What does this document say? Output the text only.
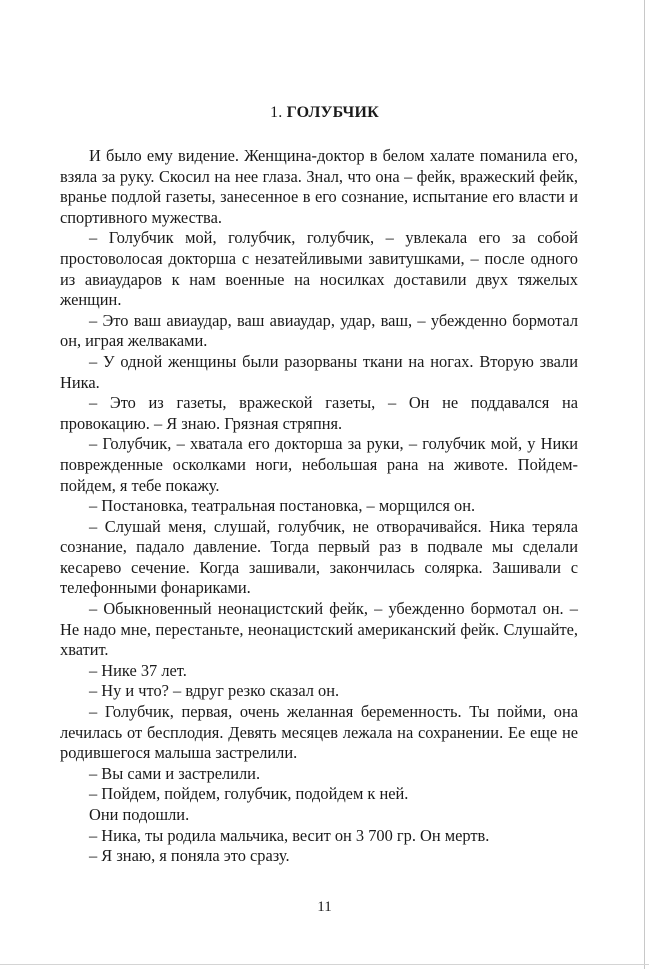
1. ГОЛУБЧИК

И было ему видение. Женщина-доктор в белом халате поманила его, взяла за руку. Скосил на нее глаза. Знал, что она – фейк, вражеский фейк, вранье подлой газеты, занесенное в его сознание, испытание его власти и спортивного мужества.

– Голубчик мой, голубчик, голубчик, – увлекала его за собой простоволосая докторша с незатейливыми завитушками, – после одного из авиаударов к нам военные на носилках доставили двух тяжелых женщин.

– Это ваш авиаудар, ваш авиаудар, удар, ваш, – убежденно бормотал он, играя желваками.

– У одной женщины были разорваны ткани на ногах. Вторую звали Ника.

– Это из газеты, вражеской газеты, – Он не поддавался на провокацию. – Я знаю. Грязная стряпня.

– Голубчик, – хватала его докторша за руки, – голубчик мой, у Ники поврежденные осколками ноги, небольшая рана на животе. Пойдем-пойдем, я тебе покажу.

– Постановка, театральная постановка, – морщился он.

– Слушай меня, слушай, голубчик, не отворачивайся. Ника теряла сознание, падало давление. Тогда первый раз в подвале мы сделали кесарево сечение. Когда зашивали, закончилась солярка. Зашивали с телефонными фонариками.

– Обыкновенный неонацистский фейк, – убежденно бормотал он. – Не надо мне, перестаньте, неонацистский американский фейк. Слушайте, хватит.

– Нике 37 лет.

– Ну и что? – вдруг резко сказал он.

– Голубчик, первая, очень желанная беременность. Ты пойми, она лечилась от бесплодия. Девять месяцев лежала на сохранении. Ее еще не родившегося малыша застрелили.

– Вы сами и застрелили.

– Пойдем, пойдем, голубчик, подойдем к ней.

Они подошли.

– Ника, ты родила мальчика, весит он 3 700 гр. Он мертв.

– Я знаю, я поняла это сразу.

11
